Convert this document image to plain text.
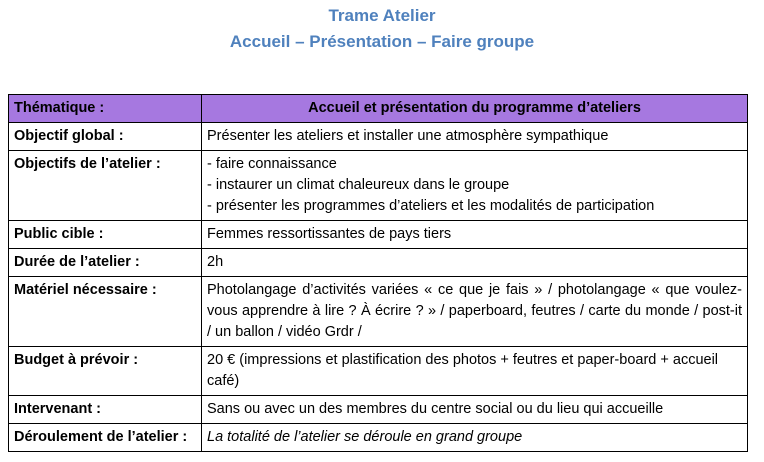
Trame Atelier
Accueil – Présentation – Faire groupe
Thématique :	Accueil et présentation du programme d’ateliers
Objectif global :	Présenter les ateliers et installer une atmosphère sympathique
Objectifs de l’atelier :	- faire connaissance
- instaurer un climat chaleureux dans le groupe
- présenter les programmes d’ateliers et les modalités de participation

Public cible :	Femmes ressortissantes de pays tiers
Durée de l’atelier :	2h
Matériel nécessaire :	Photolangage d’activités variées « ce que je fais » / photolangage « que voulez-vous apprendre à lire ? À écrire ? » / paperboard, feutres / carte du monde / post-it / un ballon / vidéo Grdr /
Budget à prévoir :	20 € (impressions et plastification des photos + feutres et paper-board + accueil café)
Intervenant :	Sans ou avec un des membres du centre social ou du lieu qui accueille
Déroulement de l’atelier :	La totalité de l’atelier se déroule en grand groupe
